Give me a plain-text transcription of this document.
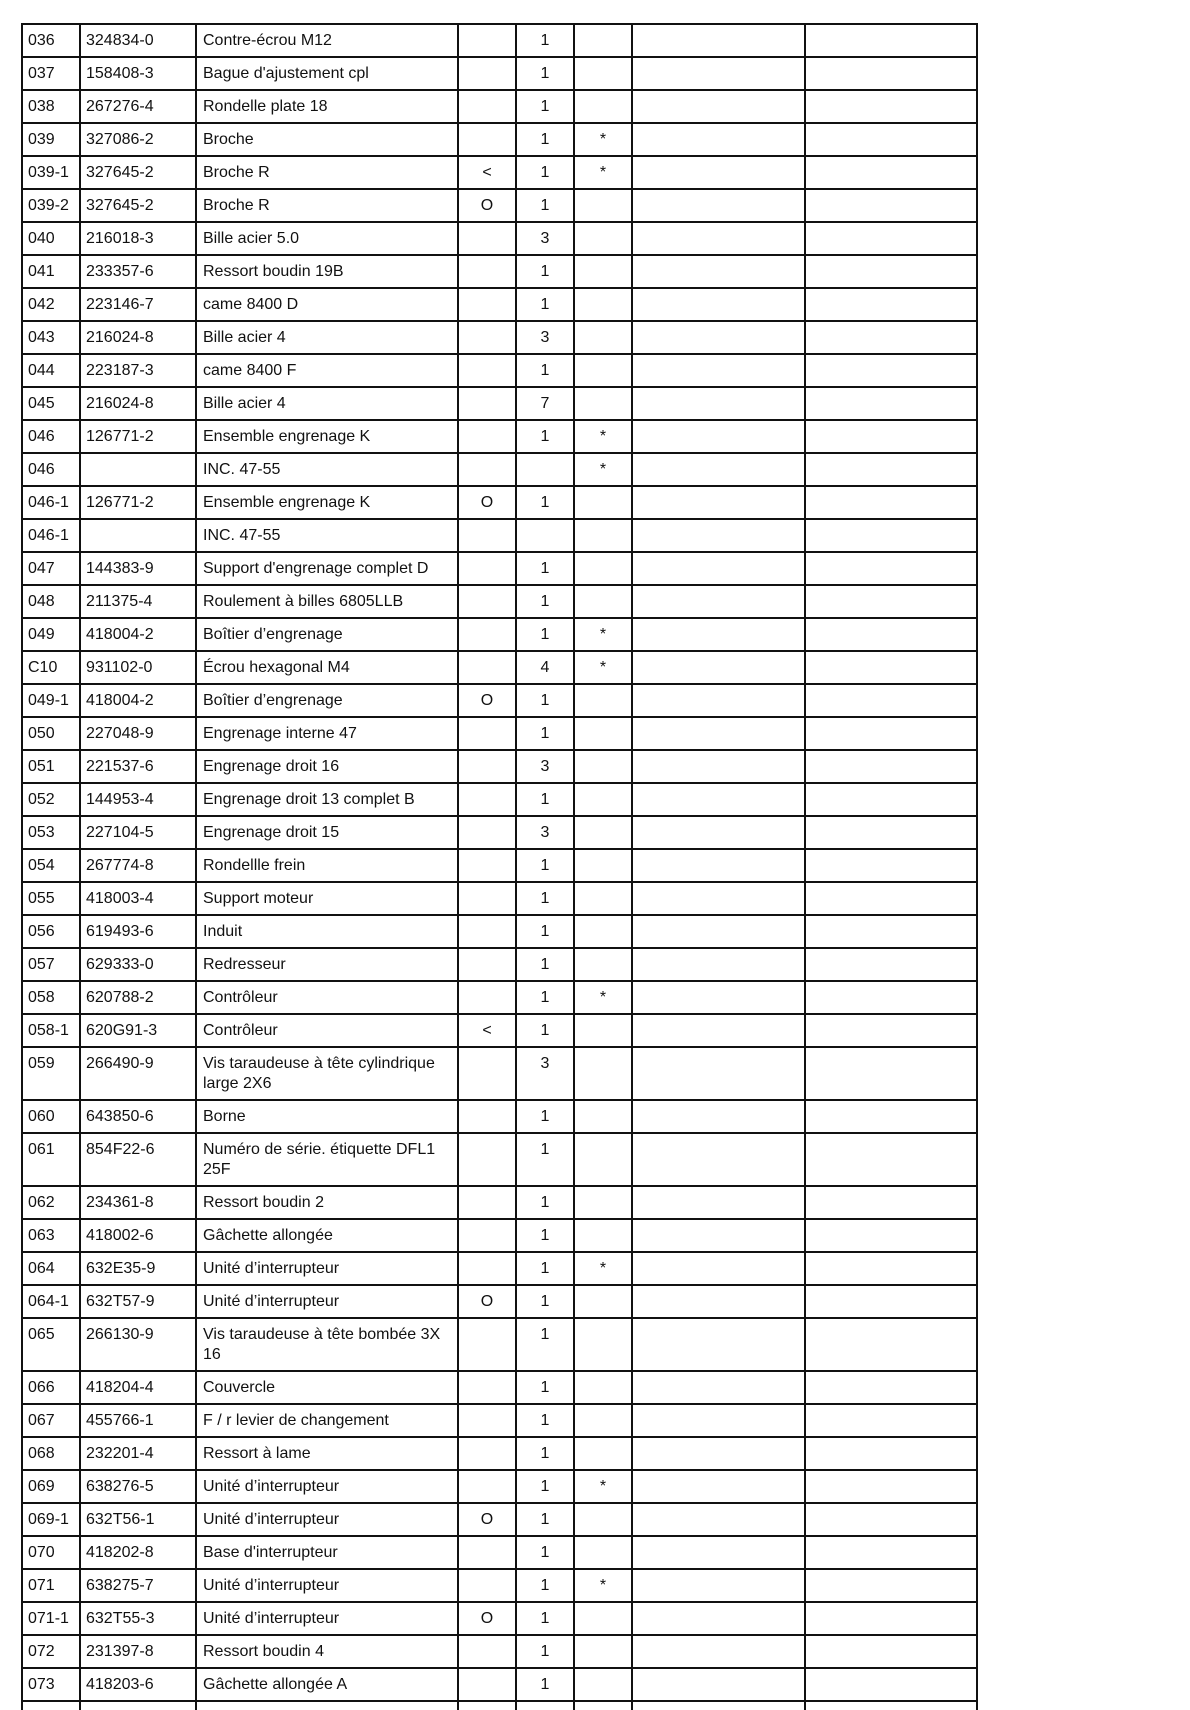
036	324834-0	Contre-écrou M12		1			
037	158408-3	Bague d'ajustement cpl		1			
038	267276-4	Rondelle plate 18		1			
039	327086-2	Broche		1	*		
039-1	327645-2	Broche R	<	1	*		
039-2	327645-2	Broche R	O	1			
040	216018-3	Bille acier 5.0		3			
041	233357-6	Ressort boudin 19B		1			
042	223146-7	came 8400 D		1			
043	216024-8	Bille acier 4		3			
044	223187-3	came 8400 F		1			
045	216024-8	Bille acier 4		7			
046	126771-2	Ensemble engrenage K		1	*		
046		INC. 47-55			*		
046-1	126771-2	Ensemble engrenage K	O	1			
046-1		INC. 47-55					
047	144383-9	Support d'engrenage complet D		1			
048	211375-4	Roulement à billes 6805LLB		1			
049	418004-2	Boîtier d’engrenage		1	*		
C10	931102-0	Écrou hexagonal M4		4	*		
049-1	418004-2	Boîtier d’engrenage	O	1			
050	227048-9	Engrenage interne 47		1			
051	221537-6	Engrenage droit 16		3			
052	144953-4	Engrenage droit 13 complet B		1			
053	227104-5	Engrenage droit 15		3			
054	267774-8	Rondellle frein		1			
055	418003-4	Support moteur		1			
056	619493-6	Induit		1			
057	629333-0	Redresseur		1			
058	620788-2	Contrôleur		1	*		
058-1	620G91-3	Contrôleur	<	1			
059	266490-9	Vis taraudeuse à tête cylindrique large 2X6		3			
060	643850-6	Borne		1			
061	854F22-6	Numéro de série. étiquette DFL1 25F		1			
062	234361-8	Ressort boudin 2		1			
063	418002-6	Gâchette allongée		1			
064	632E35-9	Unité d’interrupteur		1	*		
064-1	632T57-9	Unité d’interrupteur	O	1			
065	266130-9	Vis taraudeuse à tête bombée 3X 16		1			
066	418204-4	Couvercle		1			
067	455766-1	F / r levier de changement		1			
068	232201-4	Ressort à lame		1			
069	638276-5	Unité d’interrupteur		1	*		
069-1	632T56-1	Unité d’interrupteur	O	1			
070	418202-8	Base d'interrupteur		1			
071	638275-7	Unité d’interrupteur		1	*		
071-1	632T55-3	Unité d’interrupteur	O	1			
072	231397-8	Ressort boudin 4		1			
073	418203-6	Gâchette allongée A		1			
